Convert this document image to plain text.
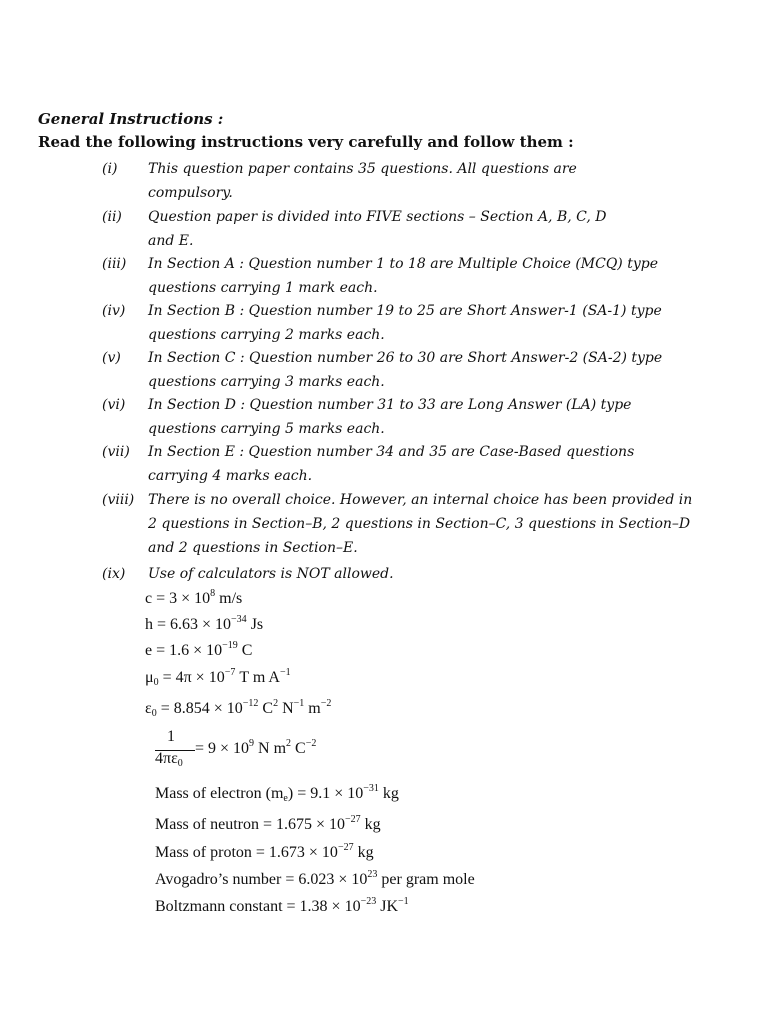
General Instructions :
Read the following instructions very carefully and follow them :
(i) This question paper contains 35 questions. All questions are
compulsory.
(ii) Question paper is divided into FIVE sections – Section A, B, C, D
and E.
(iii) In Section A : Question number 1 to 18 are Multiple Choice (MCQ) type
questions carrying 1 mark each.
(iv) In Section B : Question number 19 to 25 are Short Answer-1 (SA-1) type
questions carrying 2 marks each.
(v) In Section C : Question number 26 to 30 are Short Answer-2 (SA-2) type
questions carrying 3 marks each.
(vi) In Section D : Question number 31 to 33 are Long Answer (LA) type
questions carrying 5 marks each.
(vii) In Section E : Question number 34 and 35 are Case-Based questions
carrying 4 marks each.
(viii) There is no overall choice. However, an internal choice has been provided in
2 questions in Section–B, 2 questions in Section–C, 3 questions in Section–D
and 2 questions in Section–E.
(ix) Use of calculators is NOT allowed.
$c = 3 \times 10^8$ m/s
$h = 6.63 \times 10^{-34}$ Js
$e = 1.6 \times 10^{-19}$ C
$\mu_0 = 4\pi \times 10^{-7}$ T m $A^{-1}$
$\varepsilon_0 = 8.854 \times 10^{-12}$ $C^2$ $N^{-1}$ $m^{-2}$
1
$4\pi\varepsilon_0$
= $9 \times 10^9$ N $m^2$ $C^{-2}$
Mass of electron $(m_e) = 9.1 \times 10^{-31}$ kg
Mass of neutron = $1.675 \times 10^{-27}$ kg
Mass of proton = $1.673 \times 10^{-27}$ kg
Avogadro’s number = $6.023 \times 10^{23}$ per gram mole
Boltzmann constant = $1.38 \times 10^{-23}$ $JK^{-1}$
